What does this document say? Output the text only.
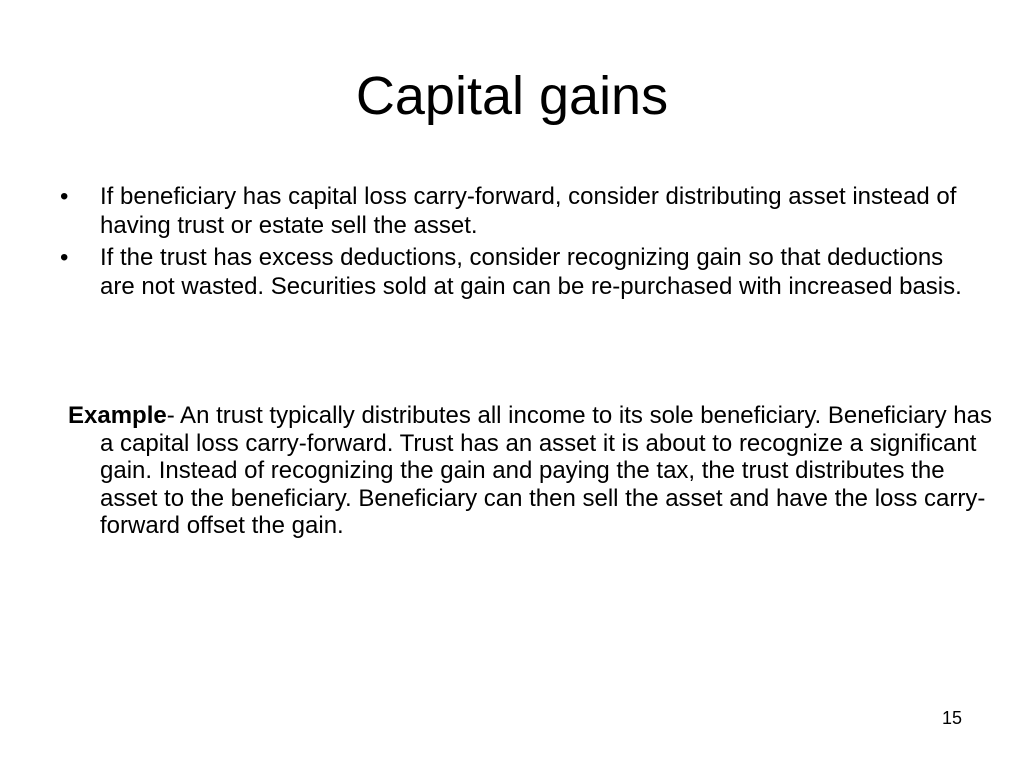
Capital gains
• If beneficiary has capital loss carry-forward, consider distributing asset instead of having trust or estate sell the asset.
• If the trust has excess deductions, consider recognizing gain so that deductions are not wasted. Securities sold at gain can be re-purchased with increased basis.

Example- An trust typically distributes all income to its sole beneficiary. Beneficiary has a capital loss carry-forward. Trust has an asset it is about to recognize a significant gain. Instead of recognizing the gain and paying the tax, the trust distributes the asset to the beneficiary. Beneficiary can then sell the asset and have the loss carry-forward offset the gain.

15
